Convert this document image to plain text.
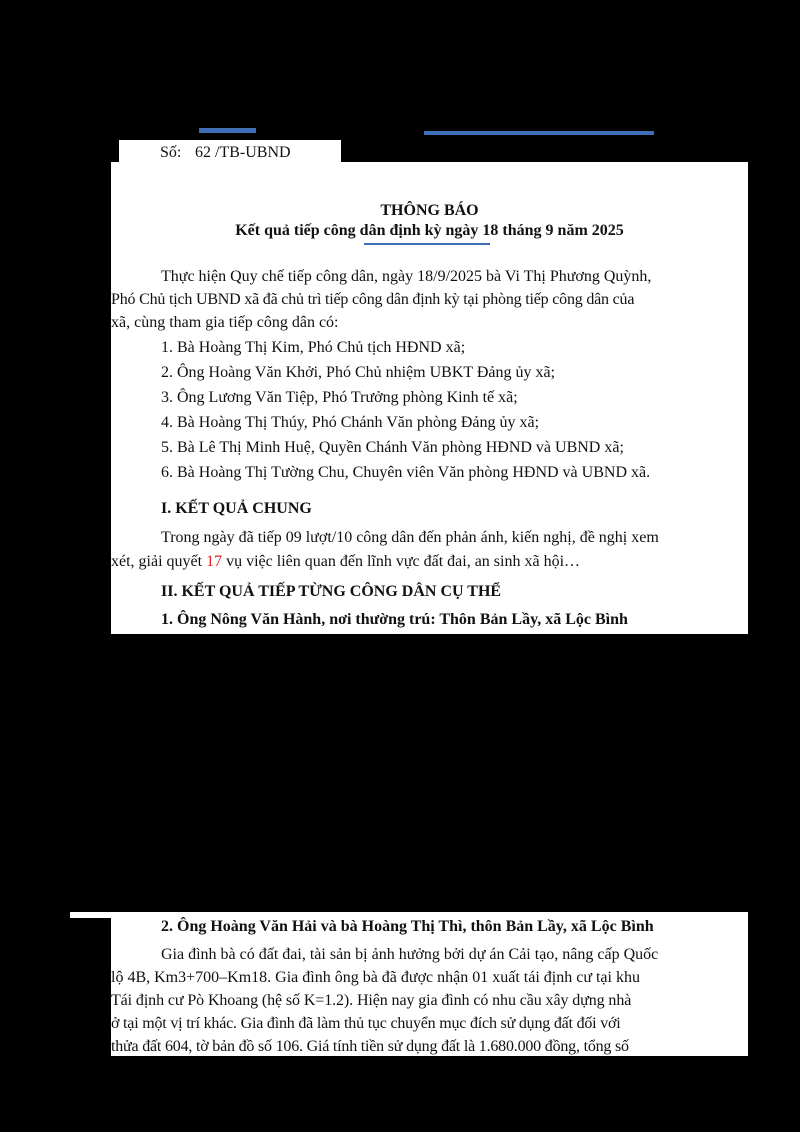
Số: 62 /TB-UBND
THÔNG BÁO
Kết quả tiếp công dân định kỳ ngày 18 tháng 9 năm 2025
Thực hiện Quy chế tiếp công dân, ngày 18/9/2025 bà Vi Thị Phương Quỳnh,
Phó Chủ tịch UBND xã đã chủ trì tiếp công dân định kỳ tại phòng tiếp công dân của
xã, cùng tham gia tiếp công dân có:
1. Bà Hoàng Thị Kim, Phó Chủ tịch HĐND xã;
2. Ông Hoàng Văn Khởi, Phó Chủ nhiệm UBKT Đảng ủy xã;
3. Ông Lương Văn Tiệp, Phó Trưởng phòng Kinh tế xã;
4. Bà Hoàng Thị Thúy, Phó Chánh Văn phòng Đảng ủy xã;
5. Bà Lê Thị Minh Huệ, Quyền Chánh Văn phòng HĐND và UBND xã;
6. Bà Hoàng Thị Tường Chu, Chuyên viên Văn phòng HĐND và UBND xã.
I. KẾT QUẢ CHUNG
Trong ngày đã tiếp 09 lượt/10 công dân đến phản ánh, kiến nghị, đề nghị xem
xét, giải quyết 17 vụ việc liên quan đến lĩnh vực đất đai, an sinh xã hội…
II. KẾT QUẢ TIẾP TỪNG CÔNG DÂN CỤ THỂ
1. Ông Nông Văn Hành, nơi thường trú: Thôn Bản Lầy, xã Lộc Bình
2. Ông Hoàng Văn Hải và bà Hoàng Thị Thì, thôn Bản Lầy, xã Lộc Bình
Gia đình bà có đất đai, tài sản bị ảnh hưởng bởi dự án Cải tạo, nâng cấp Quốc
lộ 4B, Km3+700–Km18. Gia đình ông bà đã được nhận 01 xuất tái định cư tại khu
Tái định cư Pò Khoang (hệ số K=1.2). Hiện nay gia đình có nhu cầu xây dựng nhà
ở tại một vị trí khác. Gia đình đã làm thủ tục chuyển mục đích sử dụng đất đối với
thửa đất 604, tờ bản đồ số 106. Giá tính tiền sử dụng đất là 1.680.000 đồng, tổng số
